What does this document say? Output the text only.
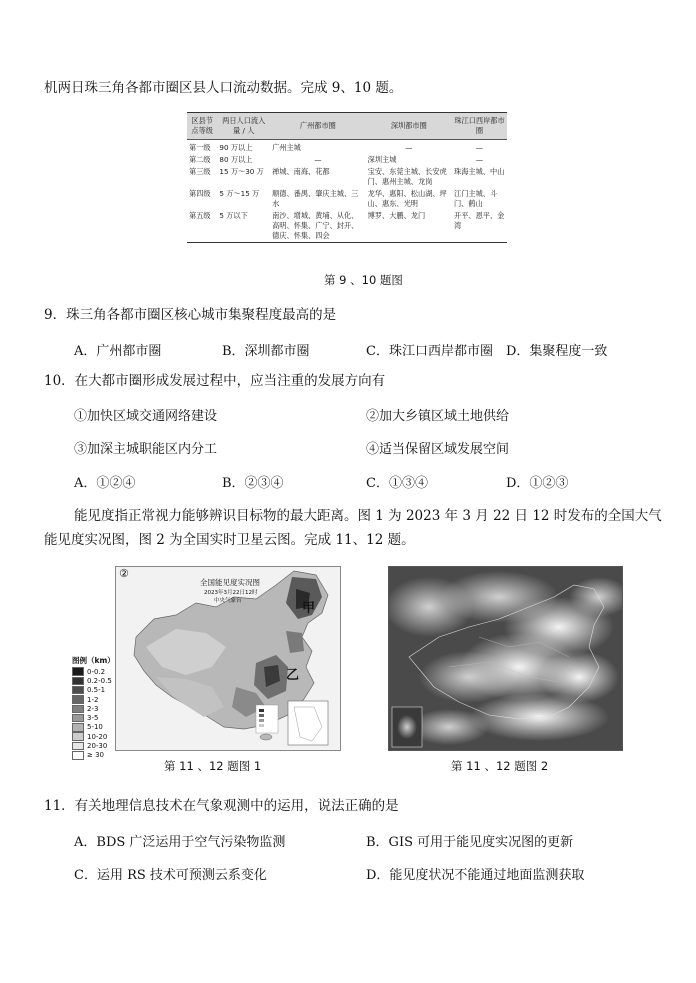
机两日珠三角各都市圈区县人口流动数据。完成 9、10 题。
区县节点等级	两日人口流入量 / 人	广州都市圈	深圳都市圈	珠江口西岸都市圈
第一级	90 万以上	广州主城	—	—
第二级	80 万以上	—	深圳主城	—
第三级	15 万～30 万	禅城、南海、花都	宝安、东莞主城、长安虎门、惠州主城、龙岗	珠海主城、中山
第四级	5 万～15 万	顺德、番禺、肇庆主城、三水	龙华、惠阳、松山湖、坪山、惠东、光明	江门主城、斗门、鹤山
第五级	5 万以下	南沙、增城、黄埔、从化、高明、怀集、广宁、封开、德庆、怀集、四会	博罗、大鹏、龙门	开平、恩平、金湾
第 9 、10 题图
9．珠三角各都市圈区核心城市集聚程度最高的是
A．广州都市圈	B．深圳都市圈	C．珠江口西岸都市圈 D．集聚程度一致
10．在大都市圈形成发展过程中，应当注重的发展方向有
①加快区域交通网络建设	②加大乡镇区域土地供给
③加深主城职能区内分工	④适当保留区域发展空间
A．①②④	B．②③④	C．①③④	D．①②③
能见度指正常视力能够辨识目标物的最大距离。图 1 为 2023 年 3 月 22 日 12 时发布的全国大气
能见度实况图，图 2 为全国实时卫星云图。完成 11、12 题。
②
全国能见度实况图
2023年3月22日12时
中央气象台	甲
乙
图例（km）
0-0.2
0.2-0.5
0.5-1
1-2
2-3
3-5
5-10
10-20
20-30
≥ 30
第 11 、12 题图 1	第 11 、12 题图 2
11．有关地理信息技术在气象观测中的运用，说法正确的是
A．BDS 广泛运用于空气污染物监测	B．GIS 可用于能见度实况图的更新
C．运用 RS 技术可预测云系变化	D．能见度状况不能通过地面监测获取
